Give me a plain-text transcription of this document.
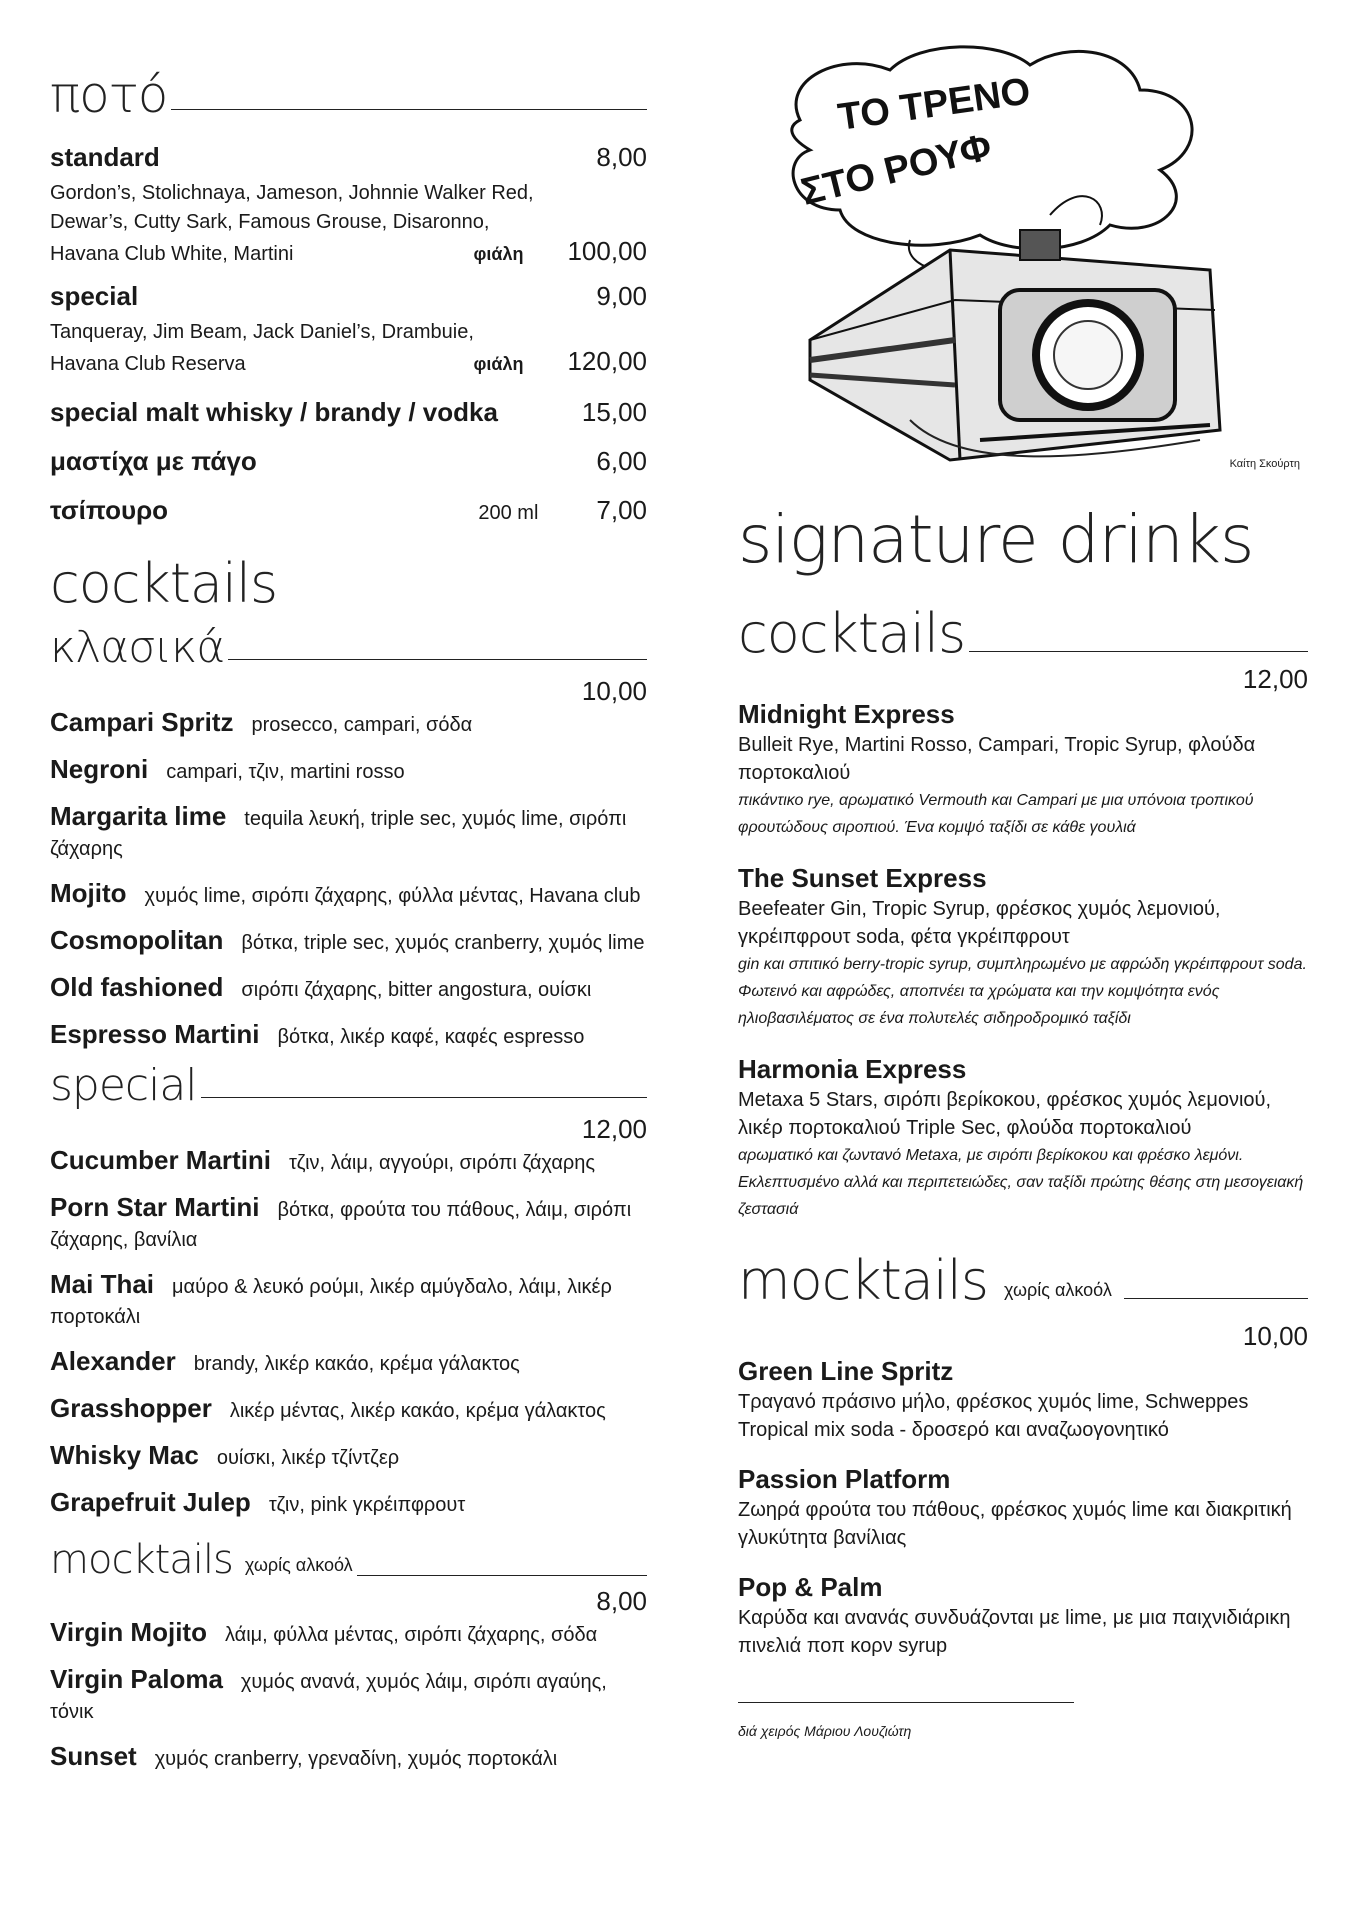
ποτό
standard	8,00
Gordon’s, Stolichnaya, Jameson, Johnnie Walker Red,
Dewar’s, Cutty Sark, Famous Grouse, Disaronno,
Havana Club White, Martini	φιάλη 100,00
special	9,00
Tanqueray, Jim Beam, Jack Daniel’s, Drambuie,
Havana Club Reserva	φιάλη 120,00
special malt whisky / brandy / vodka	15,00
μαστίχα με πάγο	6,00
τσίπουρο	200 ml 7,00
cocktails
κλασικά
10,00
Campari Spritz prosecco, campari, σόδα
Negroni campari, τζιν, martini rosso
Margarita lime tequila λευκή, triple sec, χυμός lime, σιρόπι ζάχαρης
Mojito χυμός lime, σιρόπι ζάχαρης, φύλλα μέντας, Havana club
Cosmopolitan βότκα, triple sec, χυμός cranberry, χυμός lime
Old fashioned σιρόπι ζάχαρης, bitter angostura, ουίσκι
Espresso Martini βότκα, λικέρ καφέ, καφές espresso
special
12,00
Cucumber Martini τζιν, λάιμ, αγγούρι, σιρόπι ζάχαρης
Porn Star Martini βότκα, φρούτα του πάθους, λάιμ, σιρόπι ζάχαρης, βανίλια
Mai Thai μαύρο & λευκό ρούμι, λικέρ αμύγδαλο, λάιμ, λικέρ πορτοκάλι
Alexander brandy, λικέρ κακάο, κρέμα γάλακτος
Grasshopper λικέρ μέντας, λικέρ κακάο, κρέμα γάλακτος
Whisky Mac ουίσκι, λικέρ τζίντζερ
Grapefruit Julep τζιν, pink γκρέιπφρουτ
mocktails χωρίς αλκοόλ
8,00
Virgin Mojito λάιμ, φύλλα μέντας, σιρόπι ζάχαρης, σόδα
Virgin Paloma χυμός ανανά, χυμός λάιμ, σιρόπι αγαύης, τόνικ
Sunset χυμός cranberry, γρεναδίνη, χυμός πορτοκάλι
ΤΟ ΤΡΕΝΟ
ΣΤΟ ΡΟΥΦ
Καίτη Σκούρτη
signature drinks
cocktails
12,00
Midnight Express
Bulleit Rye, Martini Rosso, Campari, Tropic Syrup, φλούδα πορτοκαλιού
πικάντικο rye, αρωματικό Vermouth και Campari με μια υπόνοια τροπικού φρουτώδους σιροπιού. Ένα κομψό ταξίδι σε κάθε γουλιά
The Sunset Express
Beefeater Gin, Tropic Syrup, φρέσκος χυμός λεμονιού, γκρέιπφρουτ soda, φέτα γκρέιπφρουτ
gin και σπιτικό berry-tropic syrup, συμπληρωμένο με αφρώδη γκρέιπφρουτ soda. Φωτεινό και αφρώδες, αποπνέει τα χρώματα και την κομψότητα ενός ηλιοβασιλέματος σε ένα πολυτελές σιδηροδρομικό ταξίδι
Harmonia Express
Metaxa 5 Stars, σιρόπι βερίκοκου, φρέσκος χυμός λεμονιού, λικέρ πορτοκαλιού Triple Sec, φλούδα πορτοκαλιού
αρωματικό και ζωντανό Metaxa, με σιρόπι βερίκοκου και φρέσκο λεμόνι. Εκλεπτυσμένο αλλά και περιπετειώδες, σαν ταξίδι πρώτης θέσης στη μεσογειακή ζεστασιά
mocktails χωρίς αλκοόλ
10,00
Green Line Spritz
Τραγανό πράσινο μήλο, φρέσκος χυμός lime, Schweppes Tropical mix soda - δροσερό και αναζωογονητικό
Passion Platform
Ζωηρά φρούτα του πάθους, φρέσκος χυμός lime και διακριτική γλυκύτητα βανίλιας
Pop & Palm
Καρύδα και ανανάς συνδυάζονται με lime, με μια παιχνιδιάρικη πινελιά ποπ κορν syrup
διά χειρός Μάριου Λουζιώτη
